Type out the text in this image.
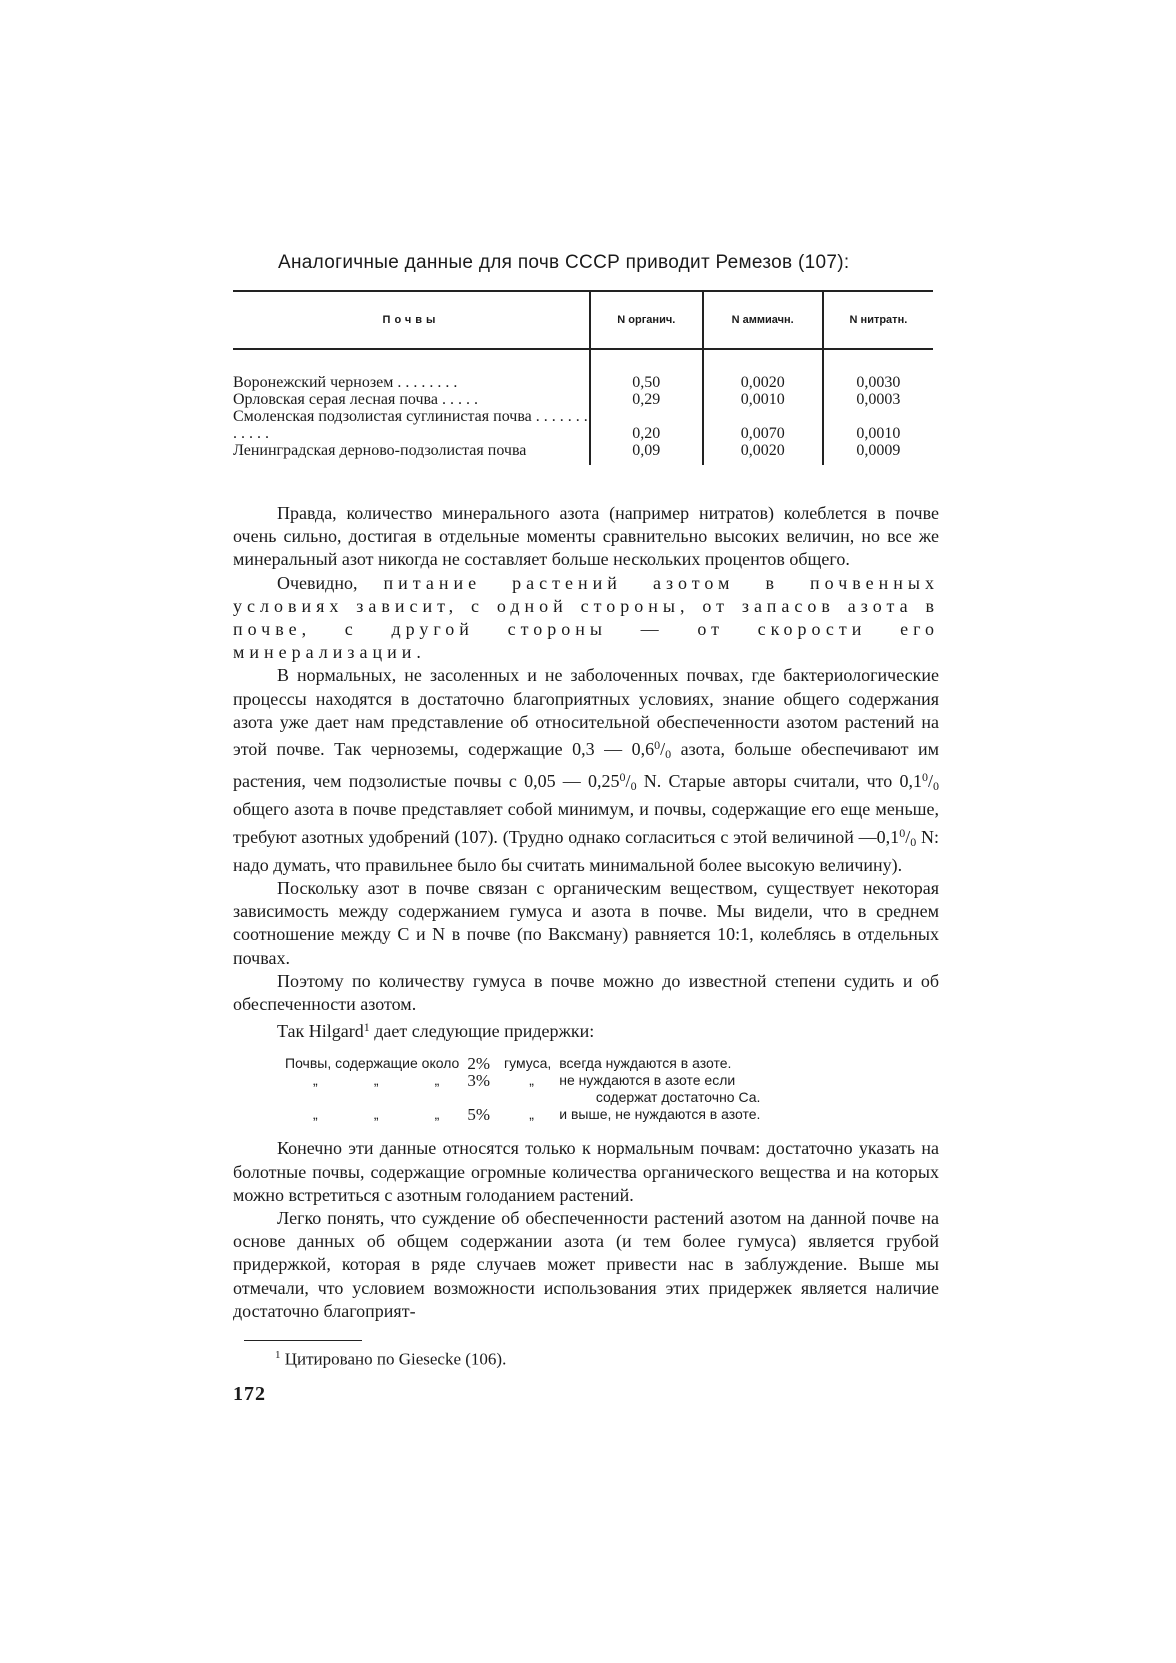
Аналогичные данные для почв СССР приводит Ремезов (107):
Почвы	N органич.	N аммиачн.	N нитратн.

Воронежский чернозем . . . . . . . .	0,50	0,0020	0,0030
Орловская серая лесная почва . . . . .	0,29	0,0010	0,0003
Смоленская подзолистая суглинистая почва . . . . . . . . . . . .	0,20	0,0070	0,0010
Ленинградская дерново-подзолистая почва	0,09	0,0020	0,0009

Правда, количество минерального азота (например нитратов) колеблется в почве очень сильно, достигая в отдельные моменты сравнительно высоких величин, но все же минеральный азот никогда не составляет больше нескольких процентов общего.

Очевидно, питание растений азотом в почвенных условиях зависит, с одной стороны, от запасов азота в почве, с другой стороны — от скорости его минерализации.

В нормальных, не засоленных и не заболоченных почвах, где бактериологические процессы находятся в достаточно благоприятных условиях, знание общего содержания азота уже дает нам представление об относительной обеспеченности азотом растений на этой почве. Так черноземы, содержащие 0,3 — $0,6^0/_0$ азота, больше обеспечивают им растения, чем подзолистые почвы с 0,05 — $0,25^0/_0$ N. Старые авторы считали, что $0,1^0/_0$ общего азота в почве представляет собой минимум, и почвы, содержащие его еще меньше, требуют азотных удобрений (107). (Трудно однако согласиться с этой величиной $—0,1^0/_0$ N: надо думать, что правильнее было бы считать минимальной более высокую величину).

Поскольку азот в почве связан с органическим веществом, существует некоторая зависимость между содержанием гумуса и азота в почве. Мы видели, что в среднем соотношение между С и N в почве (по Ваксману) равняется 10:1, колеблясь в отдельных почвах.

Поэтому по количеству гумуса в почве можно до известной степени судить и об обеспеченности азотом.

Так Hilgard$^1$ дает следующие придержки:

Почвы, содержащие около			2%	гумуса,	всегда нуждаются в азоте.
„	„	„	3%	„	не нуждаются в азоте если
					содержат достаточно Са.
„	„	„	5%	„	и выше, не нуждаются в азоте.

Конечно эти данные относятся только к нормальным почвам: достаточно указать на болотные почвы, содержащие огромные количества органического вещества и на которых можно встретиться с азотным голоданием растений.

Легко понять, что суждение об обеспеченности растений азотом на данной почве на основе данных об общем содержании азота (и тем более гумуса) является грубой придержкой, которая в ряде случаев может привести нас в заблуждение. Выше мы отмечали, что условием возможности использования этих придержек является наличие достаточно благоприят-

$^1$ Цитировано по Giesecke (106).
172
